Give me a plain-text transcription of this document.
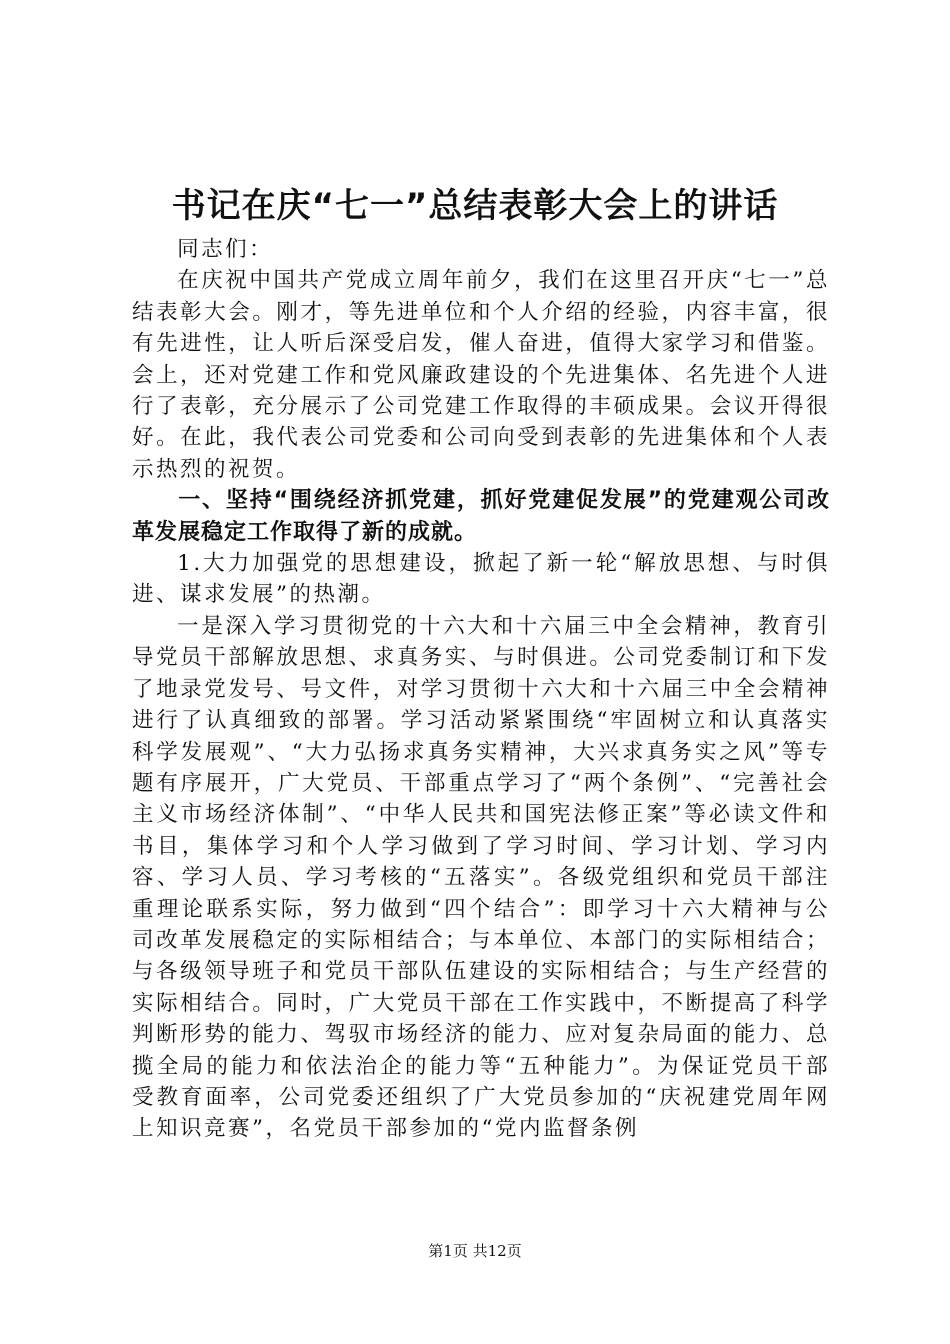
书记在庆“七一”总结表彰大会上的讲话

同志们：

在庆祝中国共产党成立周年前夕，我们在这里召开庆“七一”总结表彰大会。刚才，等先进单位和个人介绍的经验，内容丰富，很有先进性，让人听后深受启发，催人奋进，值得大家学习和借鉴。会上，还对党建工作和党风廉政建设的个先进集体、名先进个人进行了表彰，充分展示了公司党建工作取得的丰硕成果。会议开得很好。在此，我代表公司党委和公司向受到表彰的先进集体和个人表示热烈的祝贺。

一、坚持“围绕经济抓党建，抓好党建促发展”的党建观公司改革发展稳定工作取得了新的成就。

1.大力加强党的思想建设，掀起了新一轮“解放思想、与时俱进、谋求发展”的热潮。

一是深入学习贯彻党的十六大和十六届三中全会精神，教育引导党员干部解放思想、求真务实、与时俱进。公司党委制订和下发了地录党发号、号文件，对学习贯彻十六大和十六届三中全会精神进行了认真细致的部署。学习活动紧紧围绕“牢固树立和认真落实科学发展观”、“大力弘扬求真务实精神，大兴求真务实之风”等专题有序展开，广大党员、干部重点学习了“两个条例”、“完善社会主义市场经济体制”、“中华人民共和国宪法修正案”等必读文件和书目，集体学习和个人学习做到了学习时间、学习计划、学习内容、学习人员、学习考核的“五落实”。各级党组织和党员干部注重理论联系实际，努力做到“四个结合”：即学习十六大精神与公司改革发展稳定的实际相结合；与本单位、本部门的实际相结合；与各级领导班子和党员干部队伍建设的实际相结合；与生产经营的实际相结合。同时，广大党员干部在工作实践中，不断提高了科学判断形势的能力、驾驭市场经济的能力、应对复杂局面的能力、总揽全局的能力和依法治企的能力等“五种能力”。为保证党员干部受教育面率，公司党委还组织了广大党员参加的“庆祝建党周年网上知识竞赛”，名党员干部参加的“党内监督条例

第1页 共12页
